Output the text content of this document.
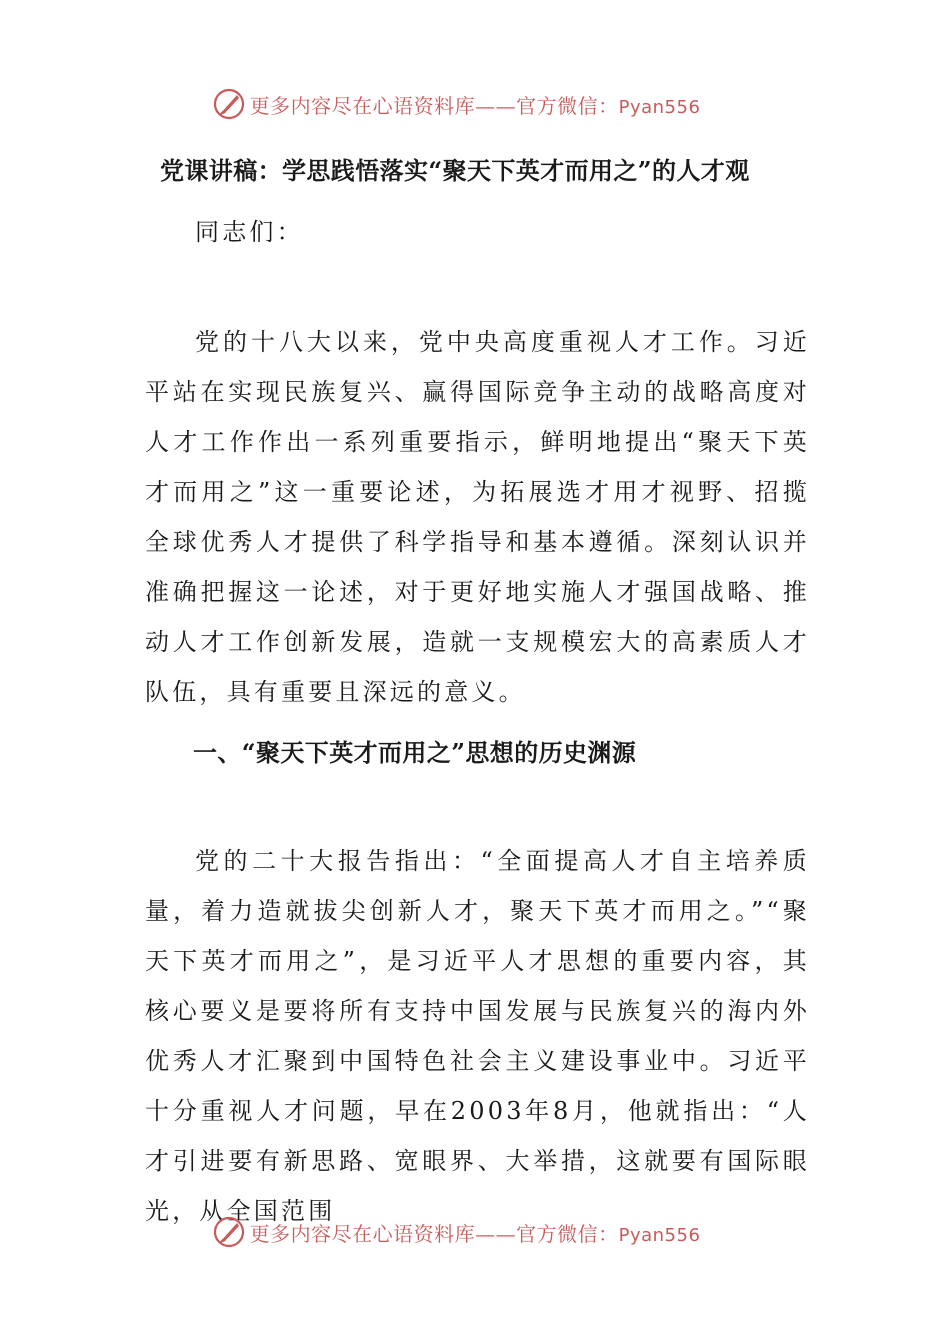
更多内容尽在心语资料库——官方微信：Pyan556
党课讲稿：学思践悟落实“聚天下英才而用之”的人才观

同志们：

党的十八大以来，党中央高度重视人才工作。习近平站在实现民族复兴、赢得国际竞争主动的战略高度对人才工作作出一系列重要指示，鲜明地提出“聚天下英才而用之”这一重要论述，为拓展选才用才视野、招揽全球优秀人才提供了科学指导和基本遵循。深刻认识并准确把握这一论述，对于更好地实施人才强国战略、推动人才工作创新发展，造就一支规模宏大的高素质人才队伍，具有重要且深远的意义。

一、“聚天下英才而用之”思想的历史渊源

党的二十大报告指出：“全面提高人才自主培养质量，着力造就拔尖创新人才，聚天下英才而用之。”“聚天下英才而用之”，是习近平人才思想的重要内容，其核心要义是要将所有支持中国发展与民族复兴的海内外优秀人才汇聚到中国特色社会主义建设事业中。习近平十分重视人才问题，早在2003年8月，他就指出：“人才引进要有新思路、宽眼界、大举措，这就要有国际眼光，从全国范围

更多内容尽在心语资料库——官方微信：Pyan556
